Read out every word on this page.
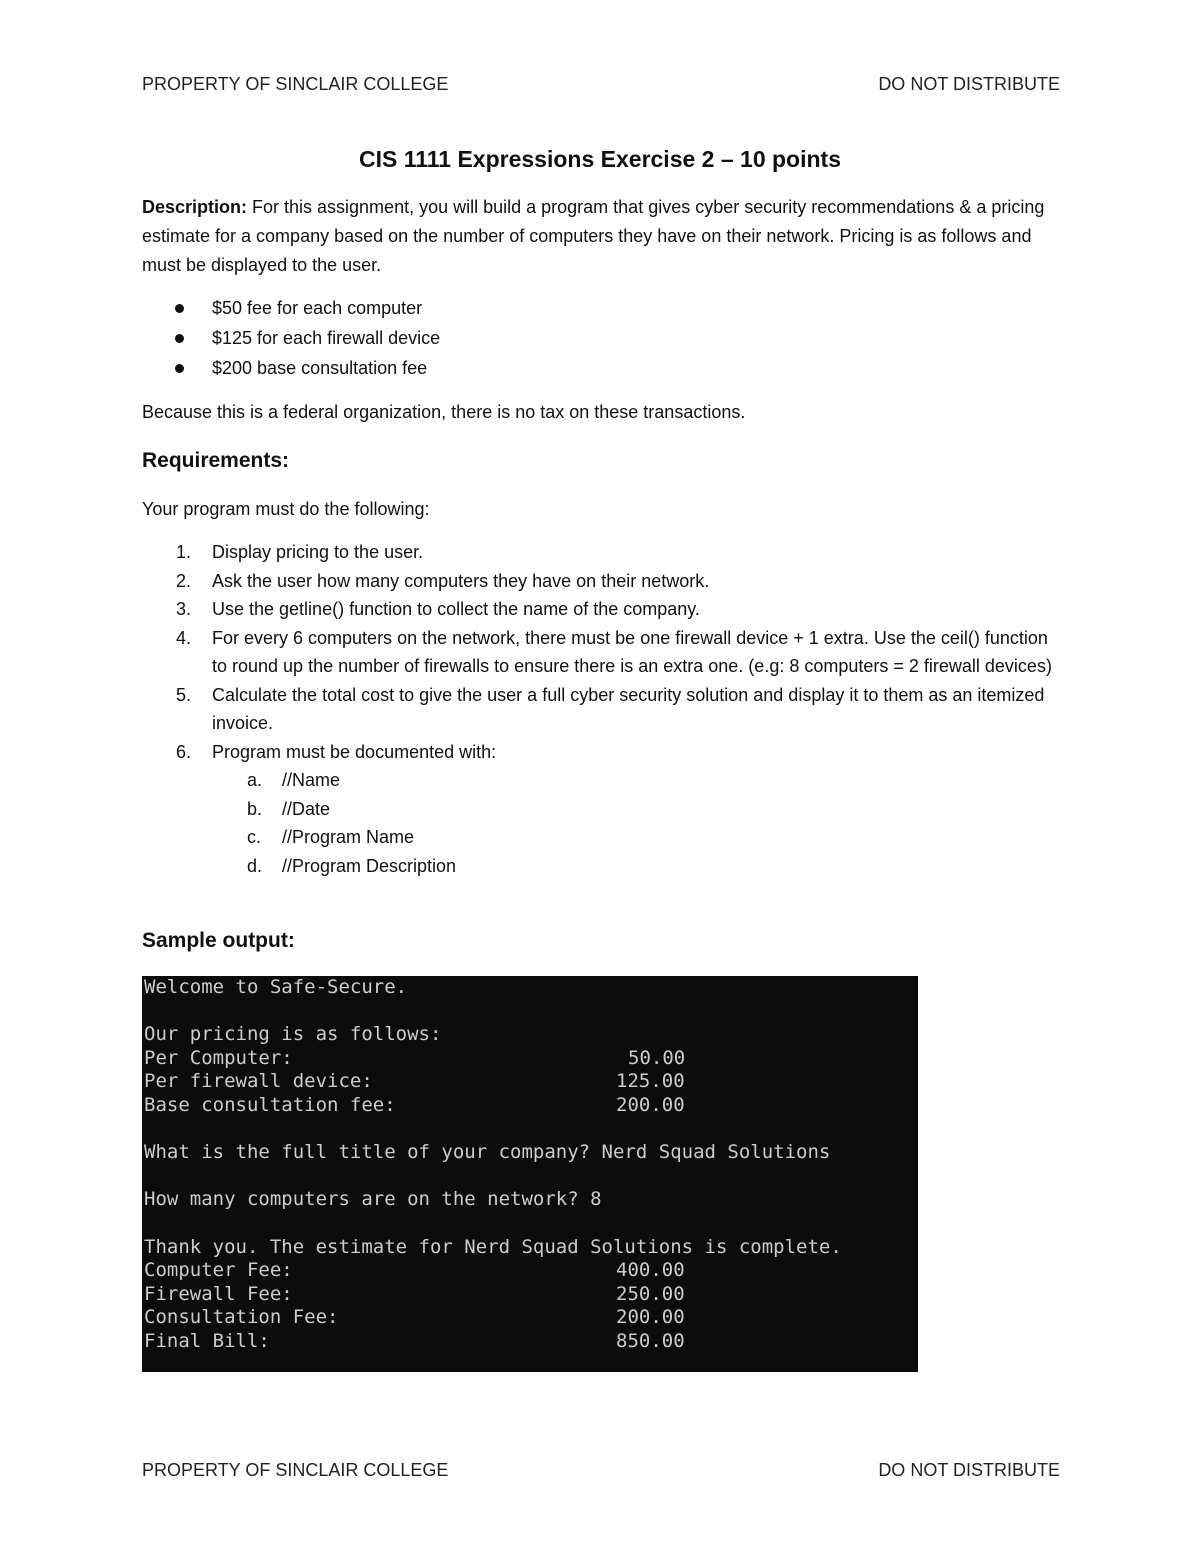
PROPERTY OF SINCLAIR COLLEGE	DO NOT DISTRIBUTE
CIS 1111 Expressions Exercise 2 – 10 points
Description: For this assignment, you will build a program that gives cyber security recommendations & a pricing estimate for a company based on the number of computers they have on their network. Pricing is as follows and must be displayed to the user.
$50 fee for each computer
$125 for each firewall device
$200 base consultation fee
Because this is a federal organization, there is no tax on these transactions.
Requirements:
Your program must do the following:
1. Display pricing to the user.
2. Ask the user how many computers they have on their network.
3. Use the getline() function to collect the name of the company.
4. For every 6 computers on the network, there must be one firewall device + 1 extra. Use the ceil() function to round up the number of firewalls to ensure there is an extra one. (e.g: 8 computers = 2 firewall devices)
5. Calculate the total cost to give the user a full cyber security solution and display it to them as an itemized invoice.
6. Program must be documented with:
a. //Name
b. //Date
c. //Program Name
d. //Program Description
Sample output:
Welcome to Safe-Secure.
Our pricing is as follows:
Per Computer:	50.00
Per firewall device:	125.00
Base consultation fee:	200.00
What is the full title of your company? Nerd Squad Solutions
How many computers are on the network? 8
Thank you. The estimate for Nerd Squad Solutions is complete.
Computer Fee:	400.00
Firewall Fee:	250.00
Consultation Fee:	200.00
Final Bill:	850.00
PROPERTY OF SINCLAIR COLLEGE	DO NOT DISTRIBUTE
